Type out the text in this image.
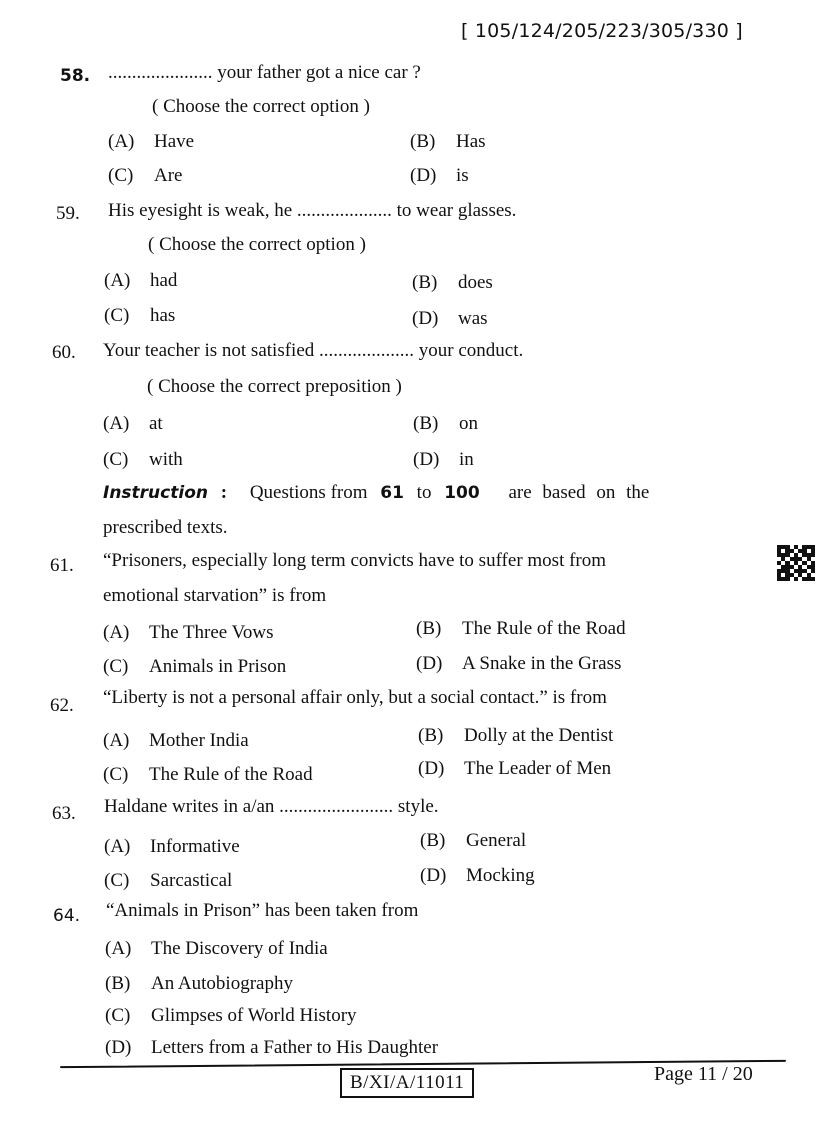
[ 105/124/205/223/305/330 ]
58. ...................... your father got a nice car ?
( Choose the correct option )
(A) Have	(B) Has
(C) Are	(D) is
59. His eyesight is weak, he .................... to wear glasses.
( Choose the correct option )
(A) had	(B) does
(C) has	(D) was
60. Your teacher is not satisfied .................... your conduct.
( Choose the correct preposition )
(A) at	(B) on
(C) with	(D) in
Instruction : Questions from 61 to 100 are based on the
prescribed texts.
61. “Prisoners, especially long term convicts have to suffer most from
emotional starvation” is from
(A) The Three Vows	(B) The Rule of the Road
(C) Animals in Prison	(D) A Snake in the Grass
62. “Liberty is not a personal affair only, but a social contact.” is from
(A) Mother India	(B) Dolly at the Dentist
(C) The Rule of the Road	(D) The Leader of Men
63. Haldane writes in a/an ........................ style.
(A) Informative	(B) General
(C) Sarcastical	(D) Mocking
64. “Animals in Prison” has been taken from
(A) The Discovery of India
(B) An Autobiography
(C) Glimpses of World History
(D) Letters from a Father to His Daughter
B/XI/A/11011	Page 11 / 20
